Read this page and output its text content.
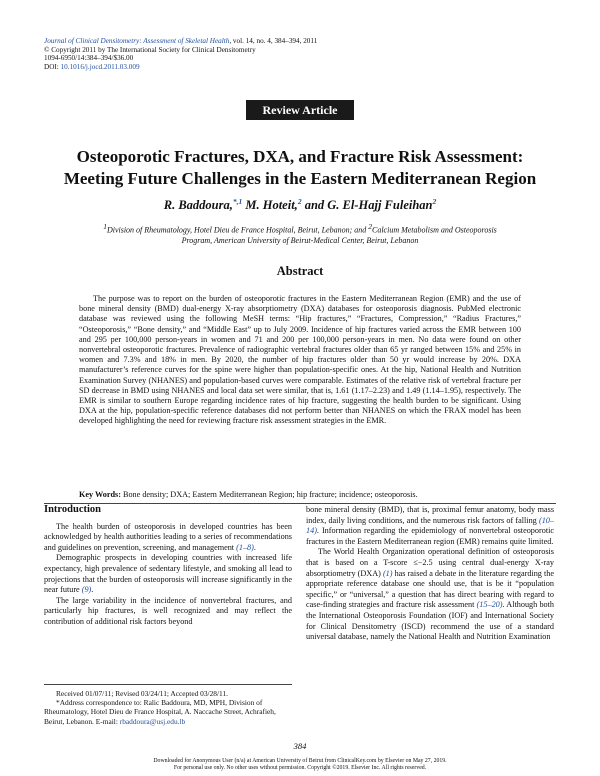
Journal of Clinical Densitometry: Assessment of Skeletal Health, vol. 14, no. 4, 384–394, 2011
© Copyright 2011 by The International Society for Clinical Densitometry
1094-6950/14:384–394/$36.00
DOI: 10.1016/j.jocd.2011.03.009
Review Article
Osteoporotic Fractures, DXA, and Fracture Risk Assessment:
Meeting Future Challenges in the Eastern Mediterranean Region

R. Baddoura,$^{*,1}$ M. Hoteit,$^2$ and G. El-Hajj Fuleihan$^2$

$^1$Division of Rheumatology, Hotel Dieu de France Hospital, Beirut, Lebanon; and $^2$Calcium Metabolism and Osteoporosis
Program, American University of Beirut-Medical Center, Beirut, Lebanon

Abstract

The purpose was to report on the burden of osteoporotic fractures in the Eastern Mediterranean Region (EMR) and the use of bone mineral density (BMD) dual-energy X-ray absorptiometry (DXA) databases for osteoporosis diagnosis. PubMed electronic database was reviewed using the following MeSH terms: “Hip fractures,” “Fractures, Compression,” “Radius Fractures,” “Osteoporosis,” “Bone density,” and “Middle East” up to July 2009. Incidence of hip fractures varied across the EMR between 100 and 295 per 100,000 person-years in women and 71 and 200 per 100,000 person-years in men. No data were found on other nonvertebral osteoporotic fractures. Prevalence of radiographic vertebral fractures older than 65 yr ranged between 15% and 25% in women and 7.3% and 18% in men. By 2020, the number of hip fractures older than 50 yr would increase by 20%. DXA manufacturer’s reference curves for the spine were higher than population-specific ones. At the hip, National Health and Nutrition Examination Survey (NHANES) and population-based curves were comparable. Estimates of the relative risk of vertebral fracture per SD decrease in BMD using NHANES and local data set were similar, that is, 1.61 (1.17–2.23) and 1.49 (1.14–1.95), respectively. The EMR is similar to southern Europe regarding incidence rates of hip fracture, suggesting the health burden to be significant. Using DXA at the hip, population-specific reference databases did not perform better than NHANES on which the FRAX model has been developed highlighting the need for reviewing fracture risk assessment strategies in the EMR.

Key Words: Bone density; DXA; Eastern Mediterranean Region; hip fracture; incidence; osteoporosis.

Introduction

The health burden of osteoporosis in developed countries has been acknowledged by health authorities leading to a series of recommendations and guidelines on prevention, screening, and management (1–8).

Demographic prospects in developing countries with increased life expectancy, high prevalence of sedentary lifestyle, and smoking all lead to projections that the burden of osteoporosis will increase significantly in the near future (9).

The large variability in the incidence of nonvertebral fractures, and particularly hip fractures, is well recognized and may reflect the contribution of additional risk factors beyond

bone mineral density (BMD), that is, proximal femur anatomy, body mass index, daily living conditions, and the numerous risk factors of falling (10–14). Information regarding the epidemiology of nonvertebral osteoporotic fractures in the Eastern Mediterranean region (EMR) remains quite limited.

The World Health Organization operational definition of osteoporosis that is based on a T-score ≤−2.5 using central dual-energy X-ray absorptiometry (DXA) (1) has raised a debate in the literature regarding the appropriate reference database one should use, that is be it “population specific,” or “universal,” a question that has direct bearing with regard to case-finding strategies and fracture risk assessment (15–20). Although both the International Osteoporosis Foundation (IOF) and International Society for Clinical Densitometry (ISCD) recommend the use of a standard universal database, namely the National Health and Nutrition Examination

Received 01/07/11; Revised 03/24/11; Accepted 03/28/11.

*Address correspondence to: Ralic Baddoura, MD, MPH, Division of Rheumatology, Hotel Dieu de France Hospital, A. Naccache Street, Achrafieh, Beirut, Lebanon. E-mail: rbaddoura@usj.edu.lb

384
Downloaded for Anonymous User (n/a) at American University of Beirut from ClinicalKey.com by Elsevier on May 27, 2019.
For personal use only. No other uses without permission. Copyright ©2019. Elsevier Inc. All rights reserved.
